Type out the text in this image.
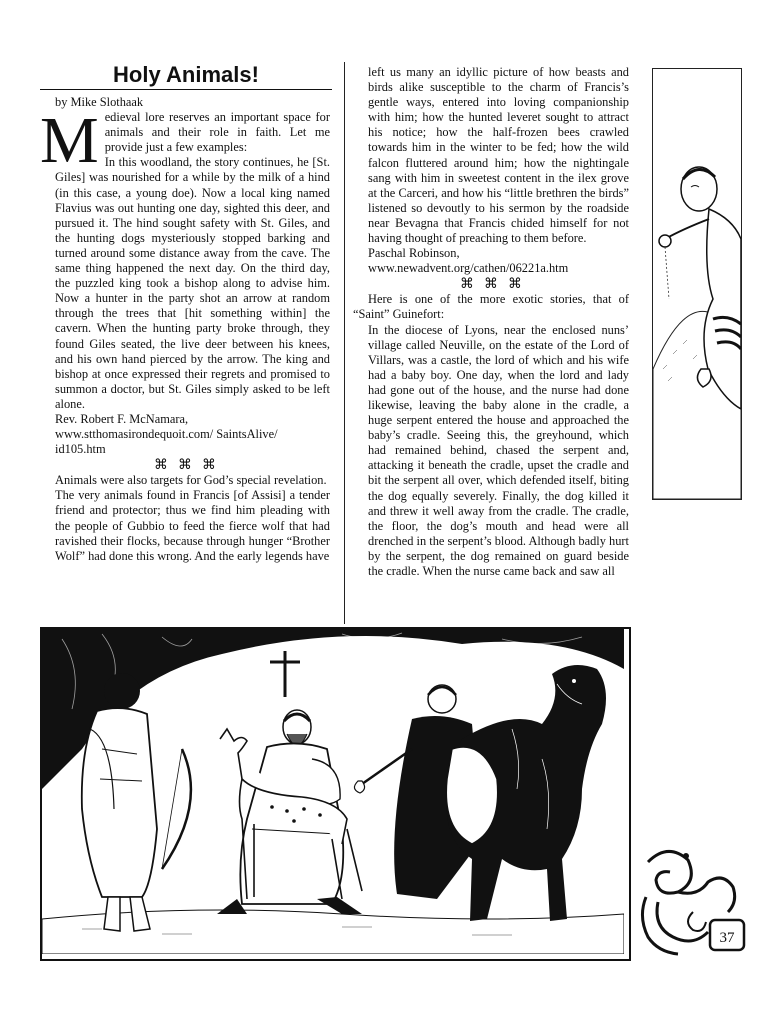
Holy Animals!

by Mike Slothaak

Medieval lore reserves an important space for animals and their role in faith. Let me provide just a few examples:

In this woodland, the story continues, he [St. Giles] was nourished for a while by the milk of a hind (in this case, a young doe). Now a local king named Flavius was out hunting one day, sighted this deer, and pursued it. The hind sought safety with St. Giles, and the hunting dogs mysteriously stopped barking and turned around some distance away from the cave. The same thing happened the next day. On the third day, the puzzled king took a bishop along to advise him. Now a hunter in the party shot an arrow at random through the trees that [hit something within] the cavern. When the hunting party broke through, they found Giles seated, the live deer between his knees, and his own hand pierced by the arrow. The king and bishop at once expressed their regrets and promised to summon a doctor, but St. Giles simply asked to be left alone.

Rev. Robert F. McNamara,

www.stthomasirondequoit.com/ SaintsAlive/ id105.htm

⌘⌘⌘

Animals were also targets for God’s special revelation.

The very animals found in Francis [of Assisi] a tender friend and protector; thus we find him pleading with the people of Gubbio to feed the fierce wolf that had ravished their flocks, because through hunger “Brother Wolf” had done this wrong. And the early legends have

left us many an idyllic picture of how beasts and birds alike susceptible to the charm of Francis’s gentle ways, entered into loving companionship with him; how the hunted leveret sought to attract his notice; how the half-frozen bees crawled towards him in the winter to be fed; how the wild falcon fluttered around him; how the nightingale sang with him in sweetest content in the ilex grove at the Carceri, and how his “little brethren the birds” listened so devoutly to his sermon by the roadside near Bevagna that Francis chided himself for not having thought of preaching to them before.

Paschal Robinson,

www.newadvent.org/cathen/06221a.htm

⌘⌘⌘

Here is one of the more exotic stories, that of “Saint” Guinefort:

In the diocese of Lyons, near the enclosed nuns’ village called Neuville, on the estate of the Lord of Villars, was a castle, the lord of which and his wife had a baby boy. One day, when the lord and lady had gone out of the house, and the nurse had done likewise, leaving the baby alone in the cradle, a huge serpent entered the house and approached the baby’s cradle. Seeing this, the greyhound, which had remained behind, chased the serpent and, attacking it beneath the cradle, upset the cradle and bit the serpent all over, which defended itself, biting the dog equally severely. Finally, the dog killed it and threw it well away from the cradle. The cradle, the floor, the dog’s mouth and head were all drenched in the serpent’s blood. Although badly hurt by the serpent, the dog remained on guard beside the cradle. When the nurse came back and saw all

37
